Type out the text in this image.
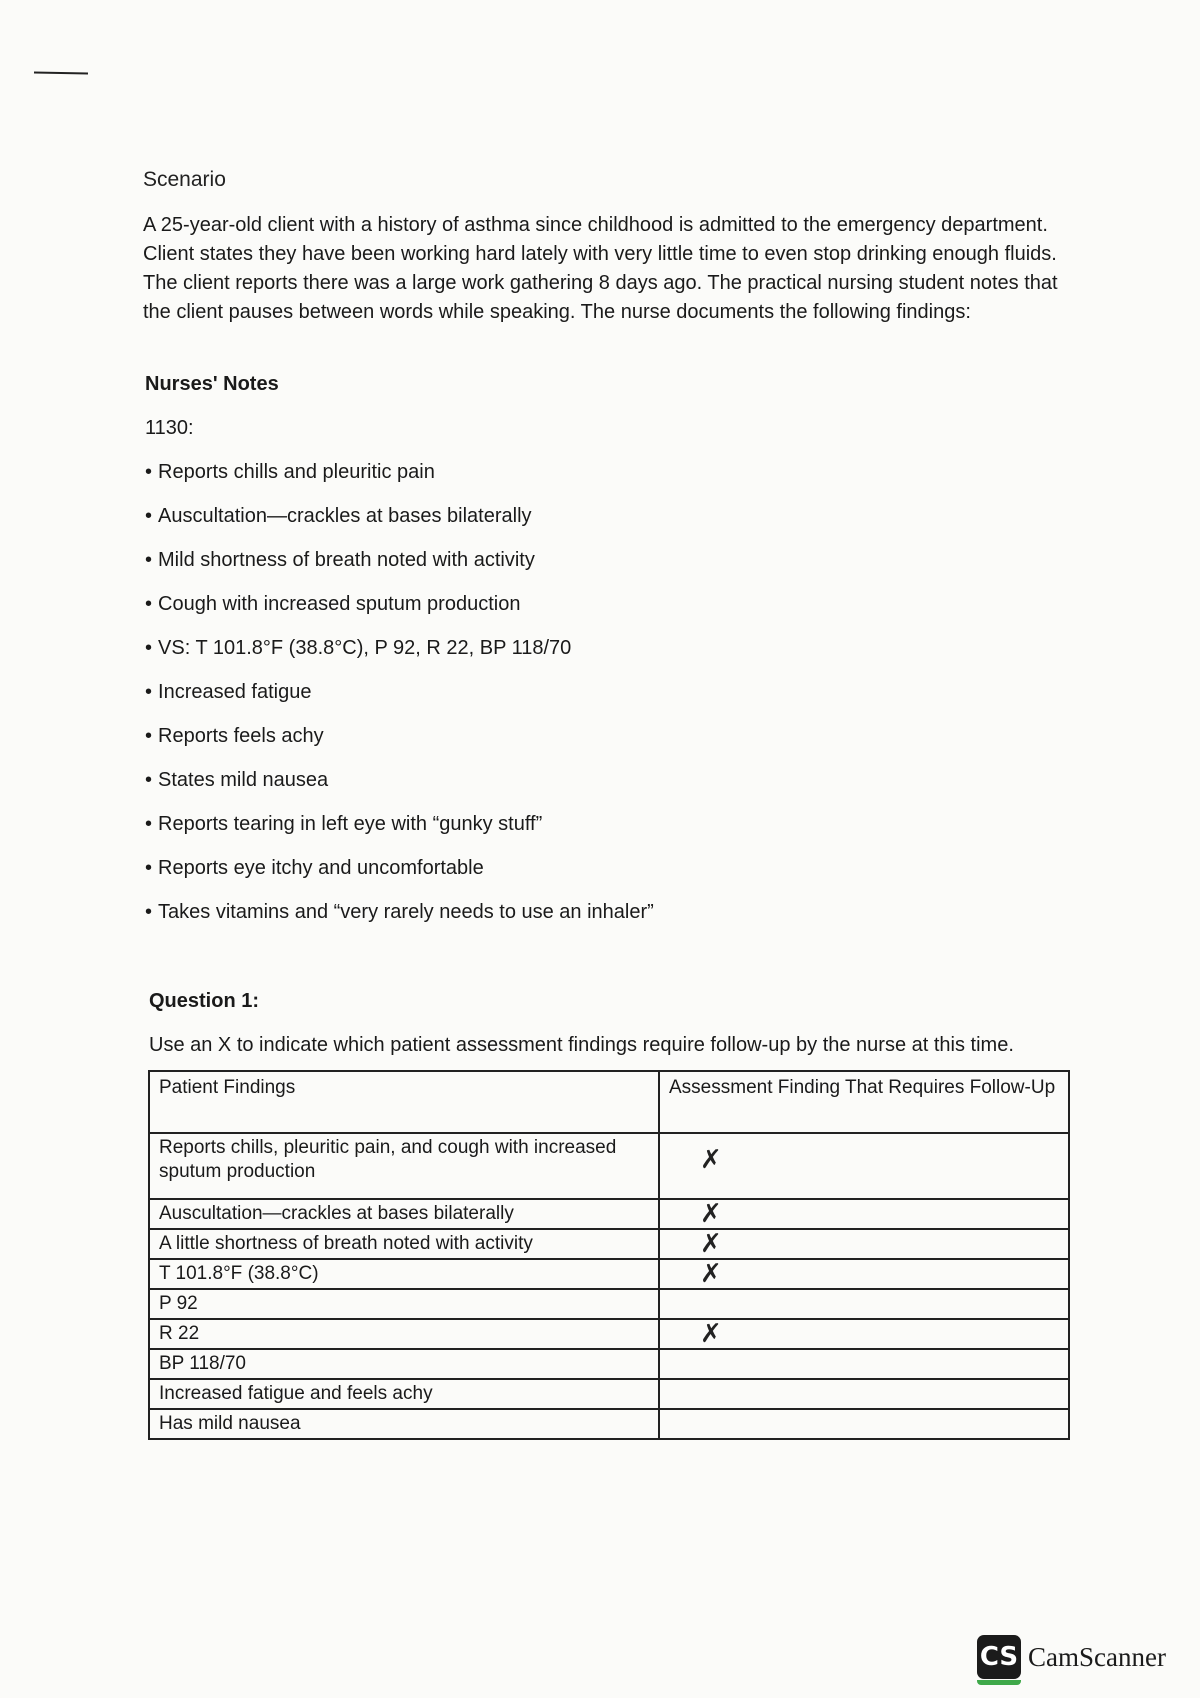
Scenario
A 25-year-old client with a history of asthma since childhood is admitted to the emergency department. Client states they have been working hard lately with very little time to even stop drinking enough fluids. The client reports there was a large work gathering 8 days ago. The practical nursing student notes that the client pauses between words while speaking. The nurse documents the following findings:
Nurses' Notes
1130:
• Reports chills and pleuritic pain
• Auscultation—crackles at bases bilaterally
• Mild shortness of breath noted with activity
• Cough with increased sputum production
• VS: T 101.8°F (38.8°C), P 92, R 22, BP 118/70
• Increased fatigue
• Reports feels achy
• States mild nausea
• Reports tearing in left eye with “gunky stuff”
• Reports eye itchy and uncomfortable
• Takes vitamins and “very rarely needs to use an inhaler”
Question 1:
Use an X to indicate which patient assessment findings require follow-up by the nurse at this time.
Patient Findings	Assessment Finding That Requires Follow-Up
Reports chills, pleuritic pain, and cough with increased sputum production	✗
Auscultation—crackles at bases bilaterally	✗
A little shortness of breath noted with activity	✗
T 101.8°F (38.8°C)	✗
P 92	
R 22	✗
BP 118/70	
Increased fatigue and feels achy	
Has mild nausea	
CS CamScanner
